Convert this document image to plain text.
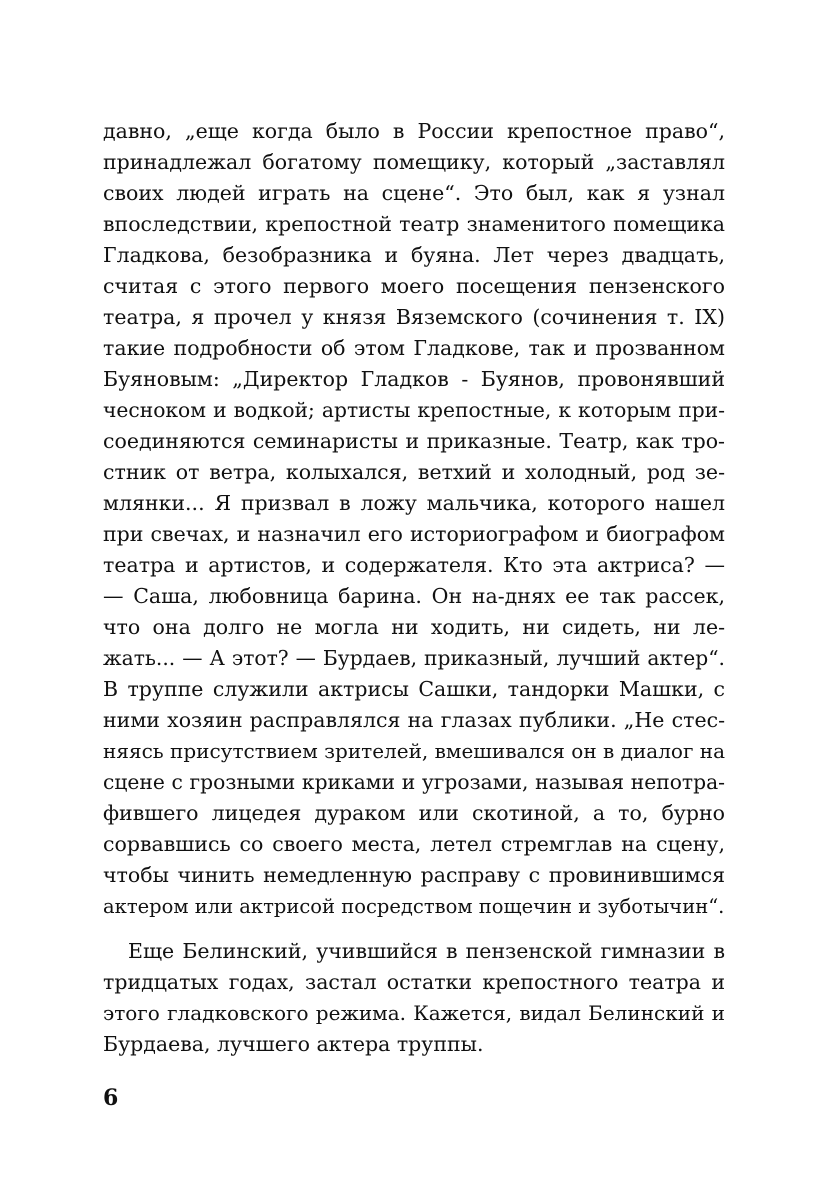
давно, „еще когда было в России крепостное право“,
принадлежал богатому помещику, который „заставлял
своих людей играть на сцене“. Это был, как я узнал
впоследствии, крепостной театр знаменитого помещика
Гладкова, безобразника и буяна. Лет через двадцать,
считая с этого первого моего посещения пензенского
театра, я прочел у князя Вяземского (сочинения т. IX)
такие подробности об этом Гладкове, так и прозванном
Буяновым: „Директор Гладков - Буянов, провонявший
чесноком и водкой; артисты крепостные, к которым при-
соединяются семинаристы и приказные. Театр, как тро-
стник от ветра, колыхался, ветхий и холодный, род зе-
млянки... Я призвал в ложу мальчика, которого нашел
при свечах, и назначил его историографом и биографом
театра и артистов, и содержателя. Кто эта актриса? —
— Саша, любовница барина. Он на-днях ее так рассек,
что она долго не могла ни ходить, ни сидеть, ни ле-
жать... — А этот? — Бурдаев, приказный, лучший актер“.
В труппе служили актрисы Сашки, тандорки Машки, с
ними хозяин расправлялся на глазах публики. „Не стес-
няясь присутствием зрителей, вмешивался он в диалог на
сцене с грозными криками и угрозами, называя непотра-
фившего лицедея дураком или скотиной, а то, бурно
сорвавшись со своего места, летел стремглав на сцену,
чтобы чинить немедленную расправу с провинившимся
актером или актрисой посредством пощечин и зуботычин“.
Еще Белинский, учившийся в пензенской гимназии в
тридцатых годах, застал остатки крепостного театра и
этого гладковского режима. Кажется, видал Белинский и
Бурдаева, лучшего актера труппы.
6
